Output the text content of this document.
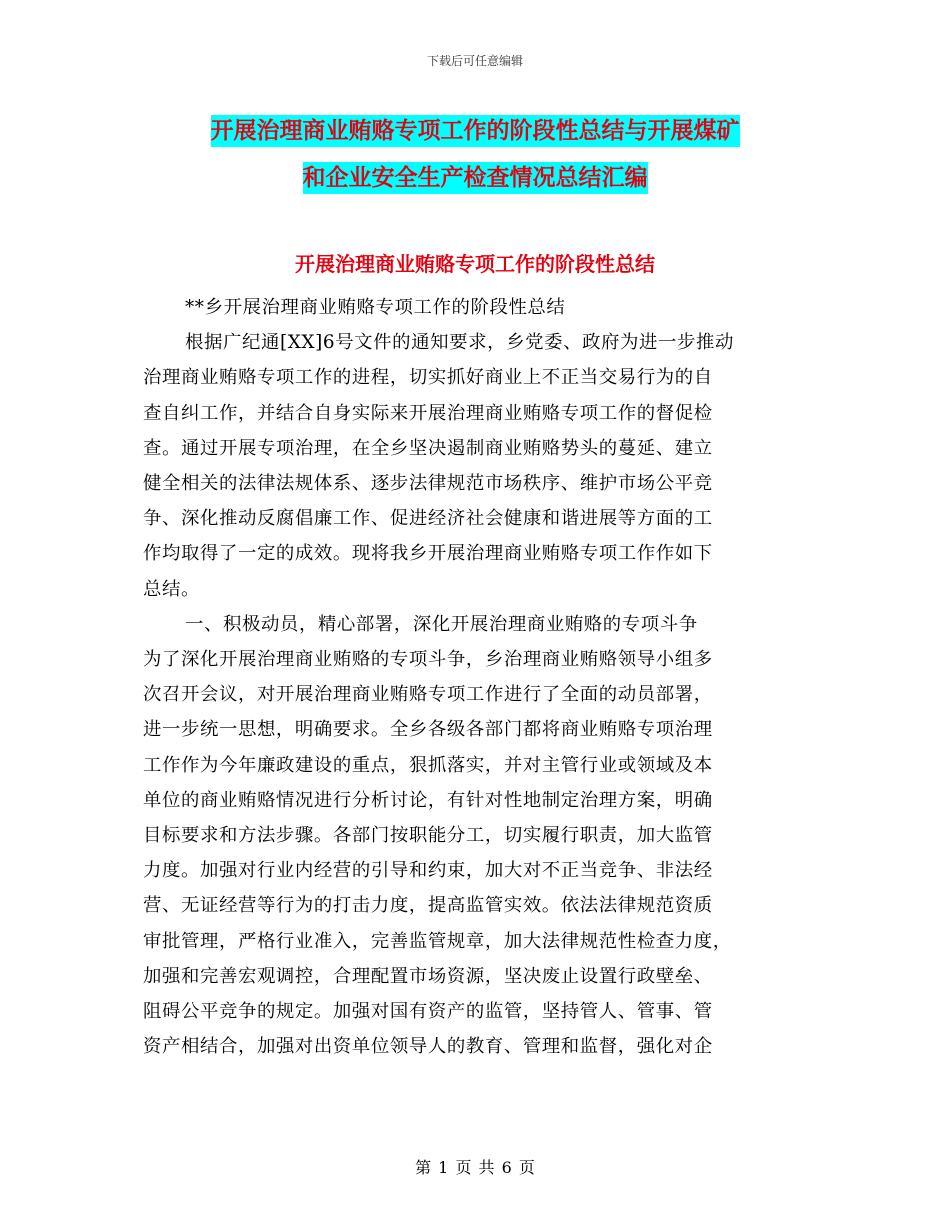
下载后可任意编辑
开展治理商业贿赂专项工作的阶段性总结与开展煤矿
和企业安全生产检查情况总结汇编
开展治理商业贿赂专项工作的阶段性总结
**乡开展治理商业贿赂专项工作的阶段性总结
根据广纪通[XX]6号文件的通知要求，乡党委、政府为进一步推动
治理商业贿赂专项工作的进程，切实抓好商业上不正当交易行为的自
查自纠工作，并结合自身实际来开展治理商业贿赂专项工作的督促检
查。通过开展专项治理，在全乡坚决遏制商业贿赂势头的蔓延、建立
健全相关的法律法规体系、逐步法律规范市场秩序、维护市场公平竞
争、深化推动反腐倡廉工作、促进经济社会健康和谐进展等方面的工
作均取得了一定的成效。现将我乡开展治理商业贿赂专项工作作如下
总结。
一、积极动员，精心部署，深化开展治理商业贿赂的专项斗争
为了深化开展治理商业贿赂的专项斗争，乡治理商业贿赂领导小组多
次召开会议，对开展治理商业贿赂专项工作进行了全面的动员部署，
进一步统一思想，明确要求。全乡各级各部门都将商业贿赂专项治理
工作作为今年廉政建设的重点，狠抓落实，并对主管行业或领域及本
单位的商业贿赂情况进行分析讨论，有针对性地制定治理方案，明确
目标要求和方法步骤。各部门按职能分工，切实履行职责，加大监管
力度。加强对行业内经营的引导和约束，加大对不正当竞争、非法经
营、无证经营等行为的打击力度，提高监管实效。依法法律规范资质
审批管理，严格行业准入，完善监管规章，加大法律规范性检查力度，
加强和完善宏观调控，合理配置市场资源，坚决废止设置行政壁垒、
阻碍公平竞争的规定。加强对国有资产的监管，坚持管人、管事、管
资产相结合，加强对出资单位领导人的教育、管理和监督，强化对企
第 1 页 共 6 页
